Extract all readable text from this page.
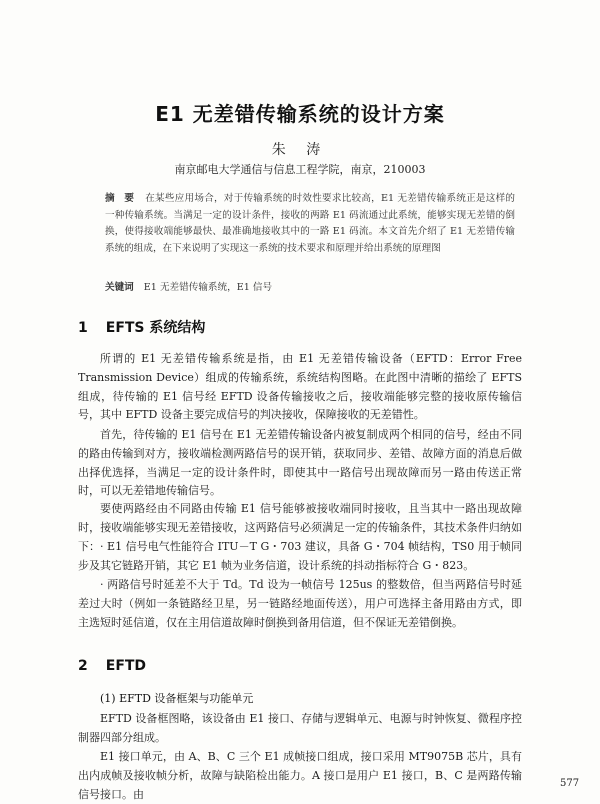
E1 无差错传输系统的设计方案
朱 涛
南京邮电大学通信与信息工程学院，南京，210003
摘 要 在某些应用场合，对于传输系统的时效性要求比较高，E1 无差错传输系统正是这样的一种传输系统。当满足一定的设计条件，接收的两路 E1 码流通过此系统，能够实现无差错的倒换，使得接收端能够最快、最准确地接收其中的一路 E1 码流。本文首先介绍了 E1 无差错传输系统的组成，在下来说明了实现这一系统的技术要求和原理并给出系统的原理图
关键词 E1 无差错传输系统，E1 信号
1 EFTS 系统结构
所谓的 E1 无差错传输系统是指，由 E1 无差错传输设备（EFTD：Error Free Transmission Device）组成的传输系统，系统结构图略。在此图中清晰的描绘了 EFTS 组成，待传输的 E1 信号经 EFTD 设备传输接收之后，接收端能够完整的接收原传输信号，其中 EFTD 设备主要完成信号的判决接收，保障接收的无差错性。
首先，待传输的 E1 信号在 E1 无差错传输设备内被复制成两个相同的信号，经由不同的路由传输到对方，接收端检测两路信号的误开销，获取同步、差错、故障方面的消息后做出择优选择，当满足一定的设计条件时，即使其中一路信号出现故障而另一路由传送正常时，可以无差错地传输信号。
要使两路经由不同路由传输 E1 信号能够被接收端同时接收，且当其中一路出现故障时，接收端能够实现无差错接收，这两路信号必须满足一定的传输条件，其技术条件归纳如下： · E1 信号电气性能符合 ITU－T G・703 建议，具备 G・704 帧结构，TS0 用于帧同步及其它链路开销，其它 E1 帧为业务信道，设计系统的抖动指标符合 G・823。
· 两路信号时延差不大于 Td。Td 设为一帧信号 125us 的整数倍，但当两路信号时延差过大时（例如一条链路经卫星，另一链路经地面传送），用户可选择主备用路由方式，即主选短时延信道，仅在主用信道故障时倒换到备用信道，但不保证无差错倒换。
2 EFTD
(1) EFTD 设备框架与功能单元
EFTD 设备框图略，该设备由 E1 接口、存储与逻辑单元、电源与时钟恢复、微程序控制器四部分组成。
E1 接口单元，由 A、B、C 三个 E1 成帧接口组成，接口采用 MT9075B 芯片，具有出内成帧及接收帧分析，故障与缺陷检出能力。A 接口是用户 E1 接口，B、C 是两路传输信号接口。由
577
